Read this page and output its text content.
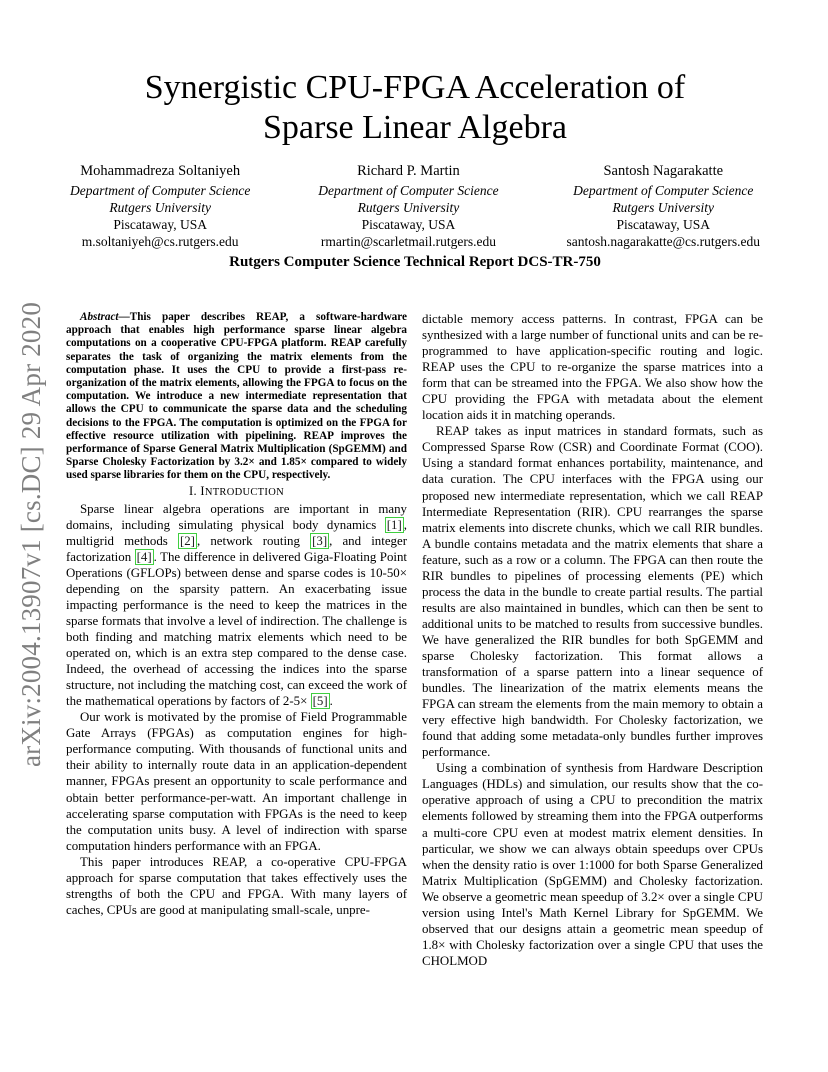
arXiv:2004.13907v1 [cs.DC] 29 Apr 2020
Synergistic CPU-FPGA Acceleration of
Sparse Linear Algebra
Mohammadreza Soltaniyeh
Department of Computer Science
Rutgers University
Piscataway, USA
m.soltaniyeh@cs.rutgers.edu
Richard P. Martin
Department of Computer Science
Rutgers University
Piscataway, USA
rmartin@scarletmail.rutgers.edu
Santosh Nagarakatte
Department of Computer Science
Rutgers University
Piscataway, USA
santosh.nagarakatte@cs.rutgers.edu
Rutgers Computer Science Technical Report DCS-TR-750

Abstract—This paper describes REAP, a software-hardware approach that enables high performance sparse linear algebra computations on a cooperative CPU-FPGA platform. REAP carefully separates the task of organizing the matrix elements from the computation phase. It uses the CPU to provide a first-pass re-organization of the matrix elements, allowing the FPGA to focus on the computation. We introduce a new intermediate representation that allows the CPU to communicate the sparse data and the scheduling decisions to the FPGA. The computation is optimized on the FPGA for effective resource utilization with pipelining. REAP improves the performance of Sparse General Matrix Multiplication (SpGEMM) and Sparse Cholesky Factorization by 3.2× and 1.85× compared to widely used sparse libraries for them on the CPU, respectively.

I. INTRODUCTION

Sparse linear algebra operations are important in many domains, including simulating physical body dynamics [1] , multigrid methods [2] , network routing [3] , and integer factorization [4] . The difference in delivered Giga-Floating Point Operations (GFLOPs) between dense and sparse codes is 10-50× depending on the sparsity pattern. An exacerbating issue impacting performance is the need to keep the matrices in the sparse formats that involve a level of indirection. The challenge is both finding and matching matrix elements which need to be operated on, which is an extra step compared to the dense case. Indeed, the overhead of accessing the indices into the sparse structure, not including the matching cost, can exceed the work of the mathematical operations by factors of 2-5× [5] .

Our work is motivated by the promise of Field Programmable Gate Arrays (FPGAs) as computation engines for high-performance computing. With thousands of functional units and their ability to internally route data in an application-dependent manner, FPGAs present an opportunity to scale performance and obtain better performance-per-watt. An important challenge in accelerating sparse computation with FPGAs is the need to keep the computation units busy. A level of indirection with sparse computation hinders performance with an FPGA.

This paper introduces REAP, a co-operative CPU-FPGA approach for sparse computation that takes effectively uses the strengths of both the CPU and FPGA. With many layers of caches, CPUs are good at manipulating small-scale, unpre-

dictable memory access patterns. In contrast, FPGA can be synthesized with a large number of functional units and can be re-programmed to have application-specific routing and logic. REAP uses the CPU to re-organize the sparse matrices into a form that can be streamed into the FPGA. We also show how the CPU providing the FPGA with metadata about the element location aids it in matching operands.

REAP takes as input matrices in standard formats, such as Compressed Sparse Row (CSR) and Coordinate Format (COO). Using a standard format enhances portability, maintenance, and data curation. The CPU interfaces with the FPGA using our proposed new intermediate representation, which we call REAP Intermediate Representation (RIR). CPU rearranges the sparse matrix elements into discrete chunks, which we call RIR bundles. A bundle contains metadata and the matrix elements that share a feature, such as a row or a column. The FPGA can then route the RIR bundles to pipelines of processing elements (PE) which process the data in the bundle to create partial results. The partial results are also maintained in bundles, which can then be sent to additional units to be matched to results from successive bundles. We have generalized the RIR bundles for both SpGEMM and sparse Cholesky factorization. This format allows a transformation of a sparse pattern into a linear sequence of bundles. The linearization of the matrix elements means the FPGA can stream the elements from the main memory to obtain a very effective high bandwidth. For Cholesky factorization, we found that adding some metadata-only bundles further improves performance.

Using a combination of synthesis from Hardware Description Languages (HDLs) and simulation, our results show that the co-operative approach of using a CPU to precondition the matrix elements followed by streaming them into the FPGA outperforms a multi-core CPU even at modest matrix element densities. In particular, we show we can always obtain speedups over CPUs when the density ratio is over 1:1000 for both Sparse Generalized Matrix Multiplication (SpGEMM) and Cholesky factorization. We observe a geometric mean speedup of 3.2× over a single CPU version using Intel's Math Kernel Library for SpGEMM. We observed that our designs attain a geometric mean speedup of 1.8× with Cholesky factorization over a single CPU that uses the CHOLMOD
